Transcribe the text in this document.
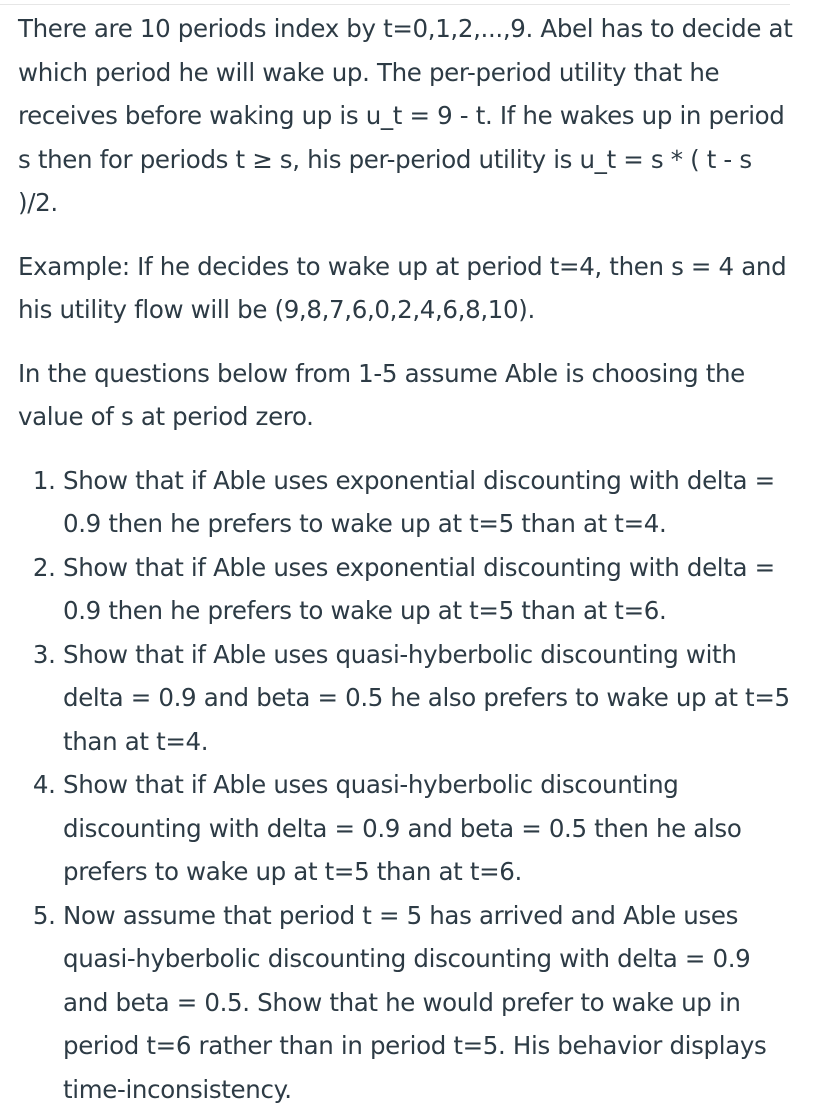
There are 10 periods index by t=0,1,2,...,9. Abel has to decide at which period he will wake up. The per-period utility that he receives before waking up is u_t = 9 - t. If he wakes up in period s then for periods t ≥ s, his per-period utility is u_t = s * ( t - s )/2.

Example: If he decides to wake up at period t=4, then s = 4 and his utility flow will be (9,8,7,6,0,2,4,6,8,10).

In the questions below from 1-5 assume Able is choosing the value of s at period zero.

1. Show that if Able uses exponential discounting with delta = 0.9 then he prefers to wake up at t=5 than at t=4.
2. Show that if Able uses exponential discounting with delta = 0.9 then he prefers to wake up at t=5 than at t=6.
3. Show that if Able uses quasi-hyberbolic discounting with delta = 0.9 and beta = 0.5 he also prefers to wake up at t=5 than at t=4.
4. Show that if Able uses quasi-hyberbolic discounting discounting with delta = 0.9 and beta = 0.5 then he also prefers to wake up at t=5 than at t=6.
5. Now assume that period t = 5 has arrived and Able uses quasi-hyberbolic discounting discounting with delta = 0.9 and beta = 0.5. Show that he would prefer to wake up in period t=6 rather than in period t=5. His behavior displays time-inconsistency.
